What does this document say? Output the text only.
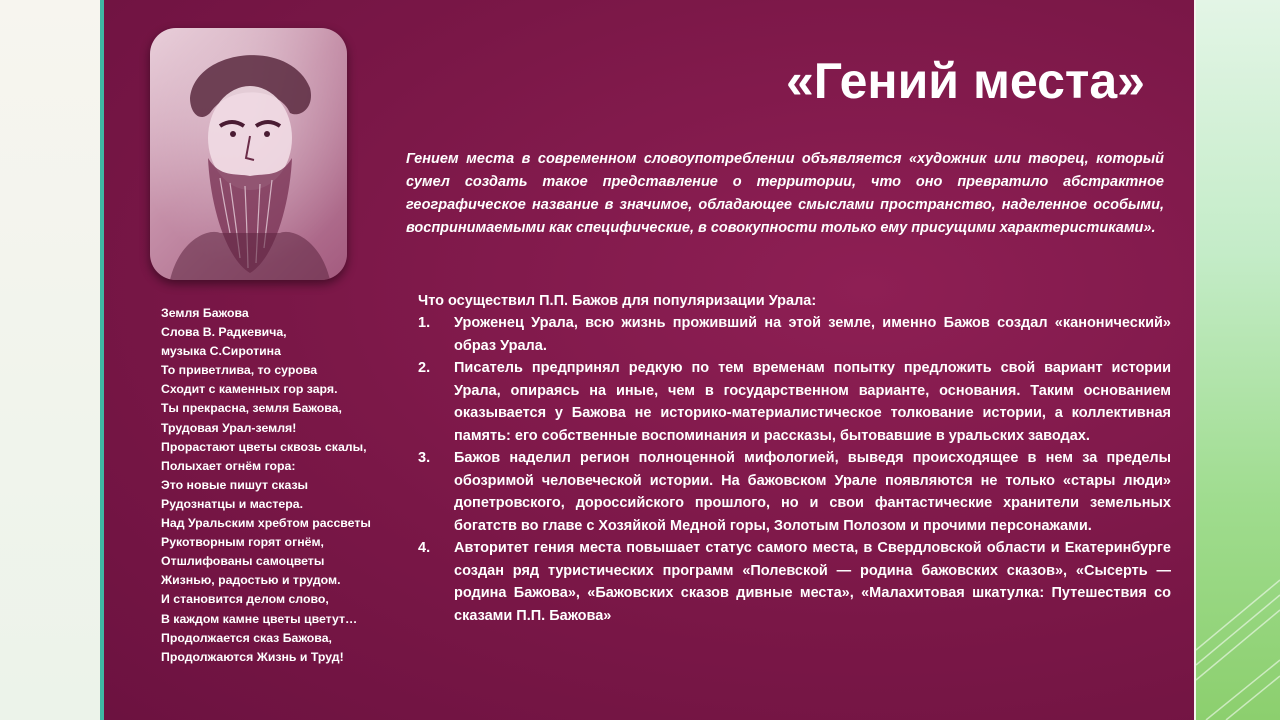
«Гений места»
Гением места в современном словоупотреблении объявляется «художник или творец, который сумел создать такое представление о территории, что оно превратило абстрактное географическое название в значимое, обладающее смыслами пространство, наделенное особыми, воспринимаемыми как специфические, в совокупности только ему присущими характеристиками».
Земля Бажова
Слова В. Радкевича,
музыка С.Сиротина
То приветлива, то сурова
Сходит с каменных гор заря.
Ты прекрасна, земля Бажова,
Трудовая Урал-земля!
Прорастают цветы сквозь скалы,
Полыхает огнём гора:
Это новые пишут сказы
Рудознатцы и мастера.
Над Уральским хребтом рассветы
Рукотворным горят огнём,
Отшлифованы самоцветы
Жизнью, радостью и трудом.
И становится делом слово,
В каждом камне цветы цветут…
Продолжается сказ Бажова,
Продолжаются Жизнь и Труд!
Что осуществил П.П. Бажов для популяризации Урала:
1. Уроженец Урала, всю жизнь проживший на этой земле, именно Бажов создал «канонический» образ Урала.
2. Писатель предпринял редкую по тем временам попытку предложить свой вариант истории Урала, опираясь на иные, чем в государственном варианте, основания. Таким основанием оказывается у Бажова не историко-материалистическое толкование истории, а коллективная память: его собственные воспоминания и рассказы, бытовавшие в уральских заводах.
3. Бажов наделил регион полноценной мифологией, выведя происходящее в нем за пределы обозримой человеческой истории. На бажовском Урале появляются не только «стары люди» допетровского, дороссийского прошлого, но и свои фантастические хранители земельных богатств во главе с Хозяйкой Медной горы, Золотым Полозом и прочими персонажами.
4. Авторитет гения места повышает статус самого места, в Свердловской области и Екатеринбурге создан ряд туристических программ «Полевской — родина бажовских сказов», «Сысерть — родина Бажова», «Бажовских сказов дивные места», «Малахитовая шкатулка: Путешествия со сказами П.П. Бажова»
